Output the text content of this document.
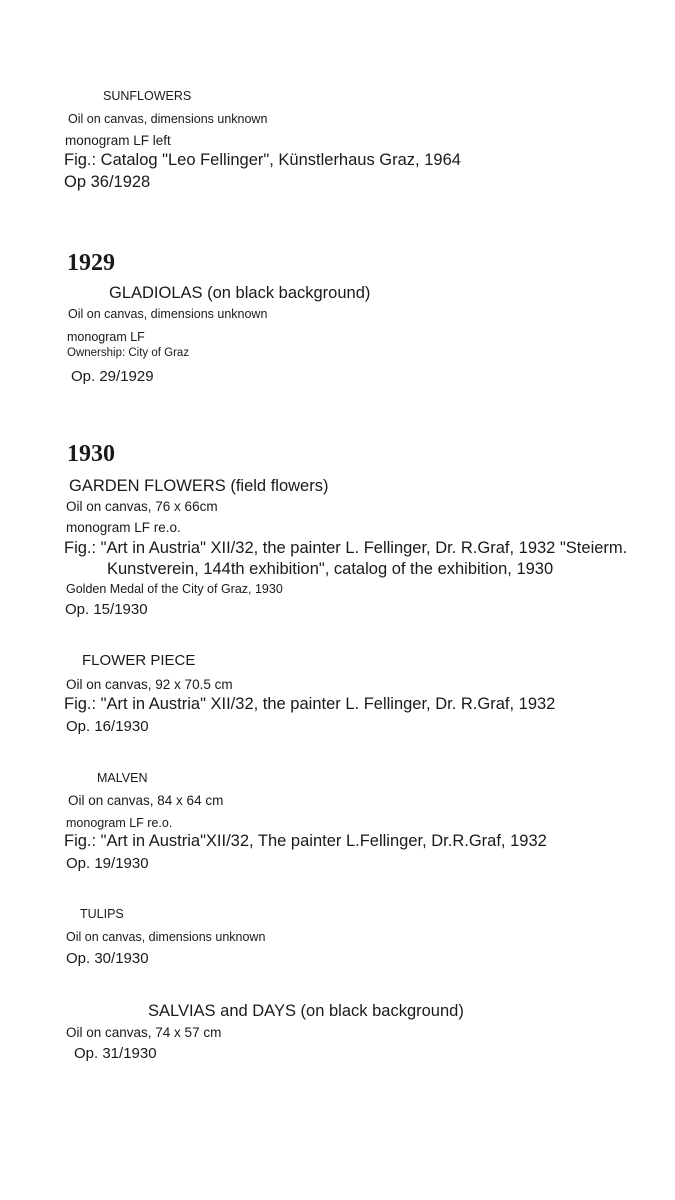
SUNFLOWERS
Oil on canvas, dimensions unknown
monogram LF left
Fig.: Catalog "Leo Fellinger", Künstlerhaus Graz, 1964
Op 36/1928
1929
GLADIOLAS (on black background)
Oil on canvas, dimensions unknown
monogram LF
Ownership: City of Graz
Op. 29/1929
1930
GARDEN FLOWERS (field flowers)
Oil on canvas, 76 x 66cm
monogram LF re.o.
Fig.: "Art in Austria" XII/32, the painter L. Fellinger, Dr. R.Graf, 1932 "Steierm.
Kunstverein, 144th exhibition", catalog of the exhibition, 1930
Golden Medal of the City of Graz, 1930
Op. 15/1930
FLOWER PIECE
Oil on canvas, 92 x 70.5 cm
Fig.: "Art in Austria" XII/32, the painter L. Fellinger, Dr. R.Graf, 1932
Op. 16/1930
MALVEN
Oil on canvas, 84 x 64 cm
monogram LF re.o.
Fig.: "Art in Austria"XII/32, The painter L.Fellinger, Dr.R.Graf, 1932
Op. 19/1930
TULIPS
Oil on canvas, dimensions unknown
Op. 30/1930
SALVIAS and DAYS (on black background)
Oil on canvas, 74 x 57 cm
Op. 31/1930
